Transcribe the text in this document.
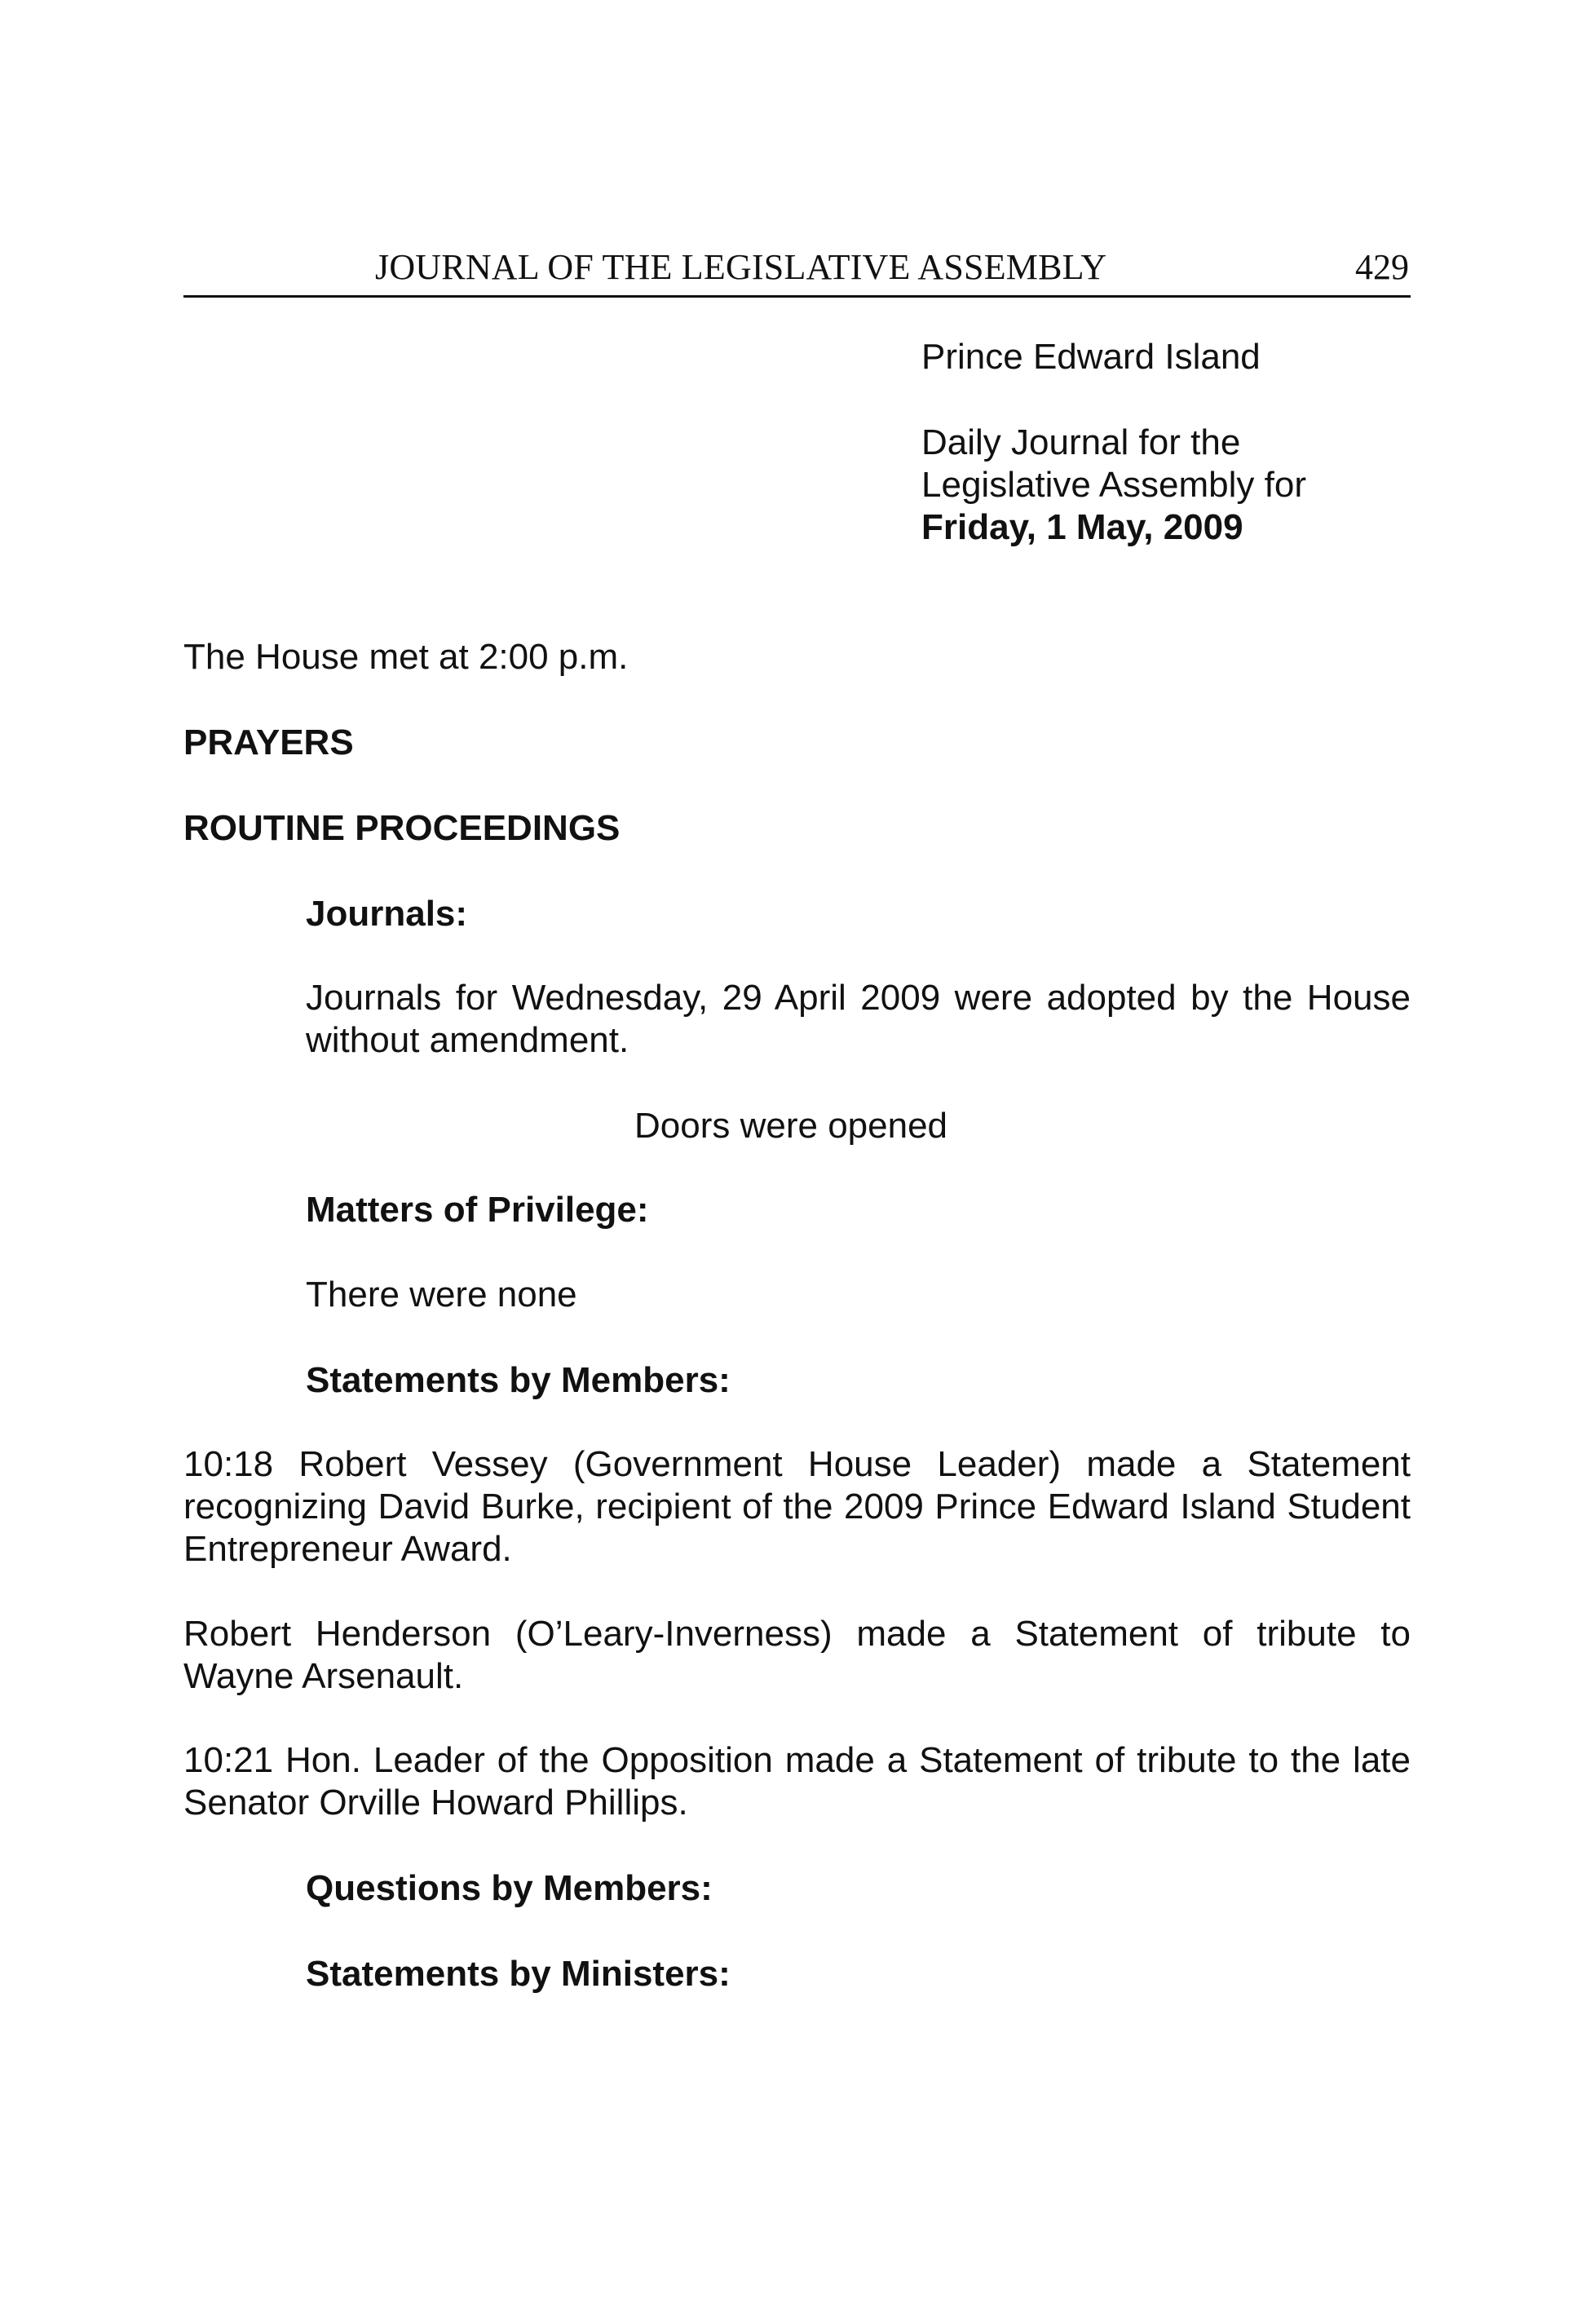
JOURNAL OF THE LEGISLATIVE ASSEMBLY	429
Prince Edward Island
Daily Journal for the
Legislative Assembly for
Friday, 1 May, 2009
The House met at 2:00 p.m.
PRAYERS
ROUTINE PROCEEDINGS
Journals:
Journals for Wednesday, 29 April 2009 were adopted by the House without amendment.
Doors were opened
Matters of Privilege:
There were none
Statements by Members:
10:18 Robert Vessey (Government House Leader) made a Statement recognizing David Burke, recipient of the 2009 Prince Edward Island Student Entrepreneur Award.
Robert Henderson (O’Leary-Inverness) made a Statement of tribute to Wayne Arsenault.
10:21 Hon. Leader of the Opposition made a Statement of tribute to the late Senator Orville Howard Phillips.
Questions by Members:
Statements by Ministers:
